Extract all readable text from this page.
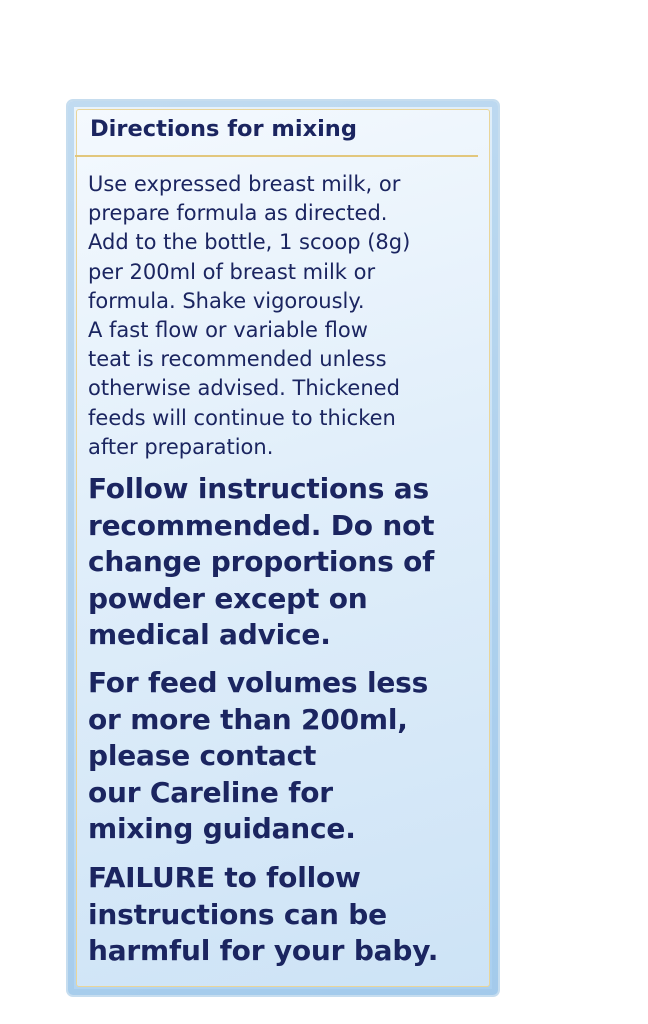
Directions for mixing

Use expressed breast milk, or
prepare formula as directed.
Add to the bottle, 1 scoop (8g)
per 200ml of breast milk or
formula. Shake vigorously.
A fast flow or variable flow
teat is recommended unless
otherwise advised. Thickened
feeds will continue to thicken
after preparation.

Follow instructions as
recommended. Do not
change proportions of
powder except on
medical advice.

For feed volumes less
or more than 200ml,
please contact
our Careline for
mixing guidance.

FAILURE to follow
instructions can be
harmful for your baby.
